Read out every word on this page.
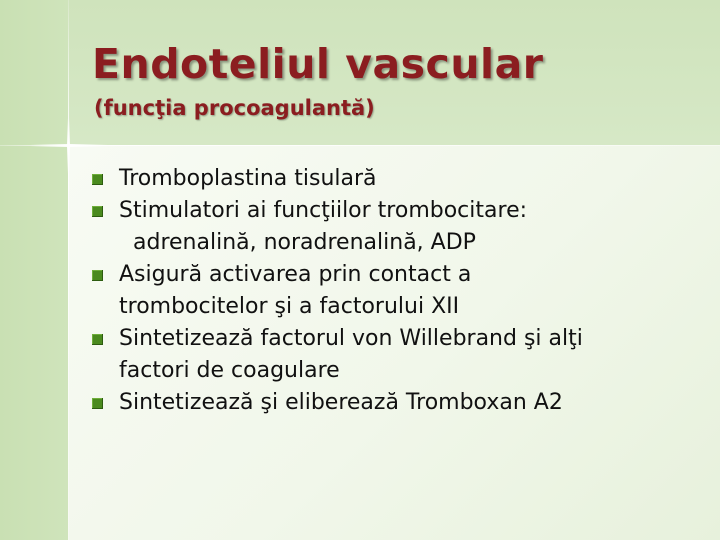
Endoteliul vascular
(funcţia procoagulantă)
Tromboplastina tisulară
Stimulatori ai funcţiilor trombocitare:
adrenalină, noradrenalină, ADP
Asigură activarea prin contact a
trombocitelor şi a factorului XII
Sintetizează factorul von Willebrand şi alţi
factori de coagulare
Sintetizează şi eliberează Tromboxan A2
